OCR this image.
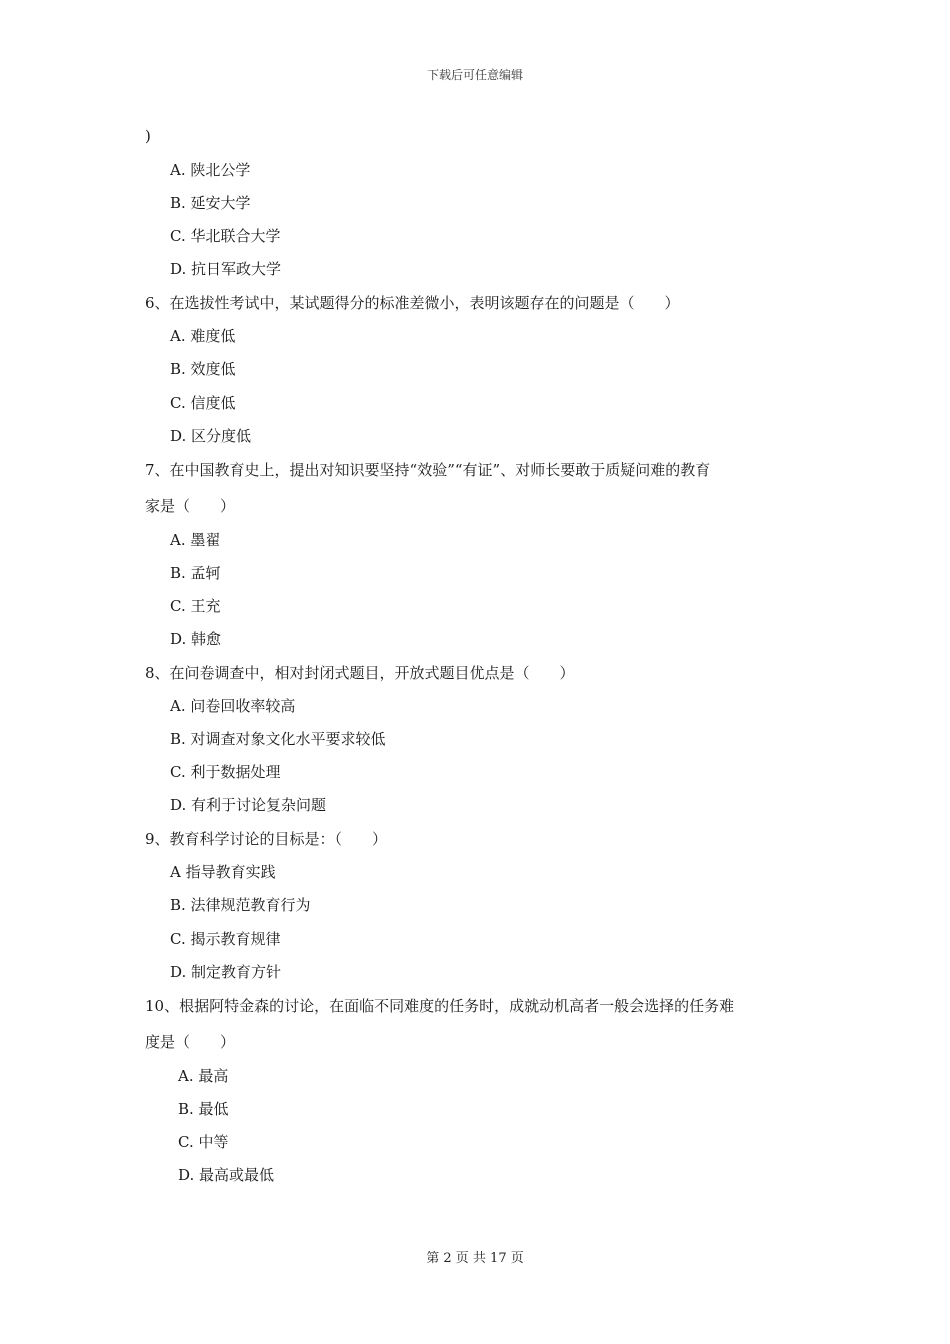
下载后可任意编辑
)
A. 陕北公学
B. 延安大学
C. 华北联合大学
D. 抗日军政大学
6、在选拔性考试中，某试题得分的标准差微小，表明该题存在的问题是（　　）
A. 难度低
B. 效度低
C. 信度低
D. 区分度低
7、在中国教育史上，提出对知识要坚持“效验”“有证”、对师长要敢于质疑问难的教育
家是（　　）
A. 墨翟
B. 孟轲
C. 王充
D. 韩愈
8、在问卷调查中，相对封闭式题目，开放式题目优点是（　　）
A. 问卷回收率较高
B. 对调查对象文化水平要求较低
C. 利于数据处理
D. 有利于讨论复杂问题
9、教育科学讨论的目标是：（　　）
A 指导教育实践
B. 法律规范教育行为
C. 揭示教育规律
D. 制定教育方针
10、根据阿特金森的讨论，在面临不同难度的任务时，成就动机高者一般会选择的任务难
度是（　　）
A. 最高
B. 最低
C. 中等
D. 最高或最低
第 2 页 共 17 页
